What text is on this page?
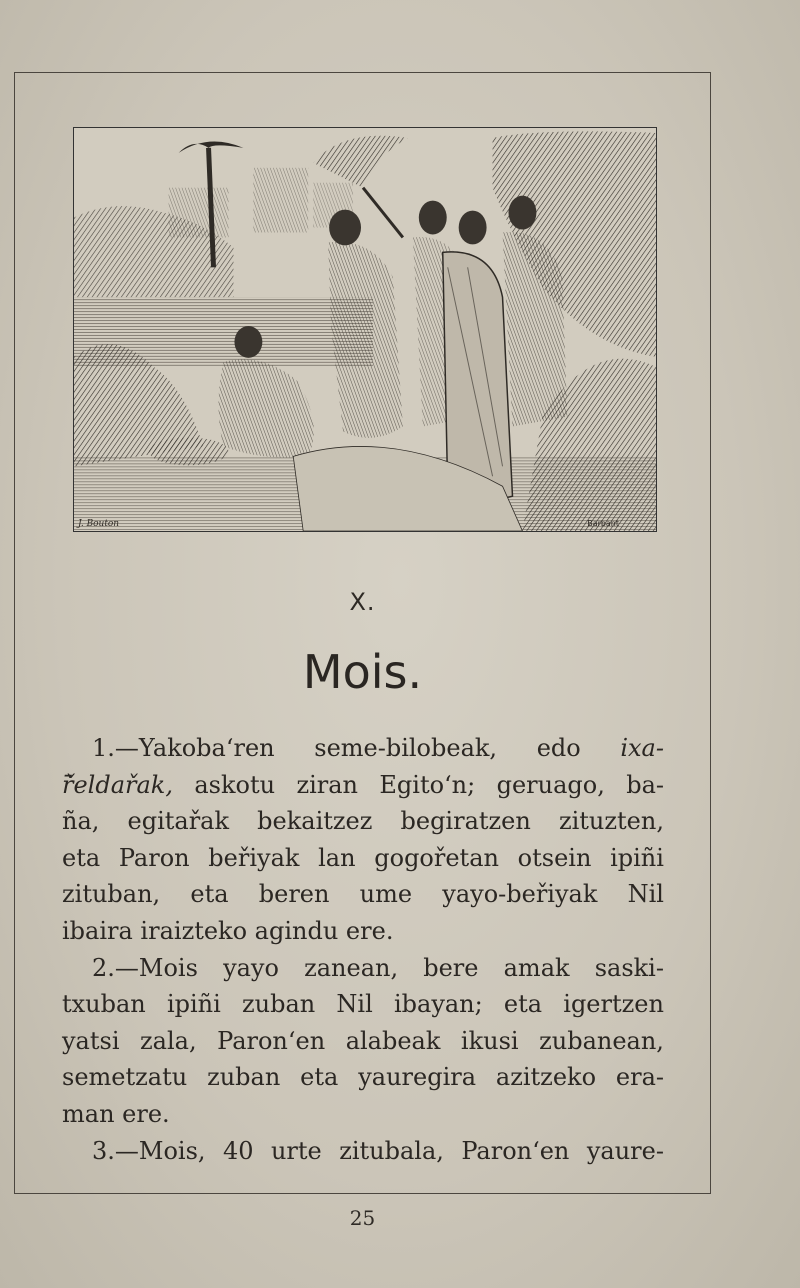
J. Bouton	Barbant
X.
Mois.
1.—Yakoba‘ren seme-bilobeak, edo ixa-
ř̄eldařak, askotu ziran Egito‘n; geruago, ba-
ña, egitařak bekaitzez begiratzen zituzten,
eta Paron beřiyak lan gogořetan otsein ipiñi
zituban, eta beren ume yayo-beřiyak Nil
ibaira iraizteko agindu ere.
2.—Mois yayo zanean, bere amak saski-
txuban ipiñi zuban Nil ibayan; eta igertzen
yatsi zala, Paron‘en alabeak ikusi zubanean,
semetzatu zuban eta yauregira azitzeko era-
man ere.
3.—Mois, 40 urte zitubala, Paron‘en yaure-
25
